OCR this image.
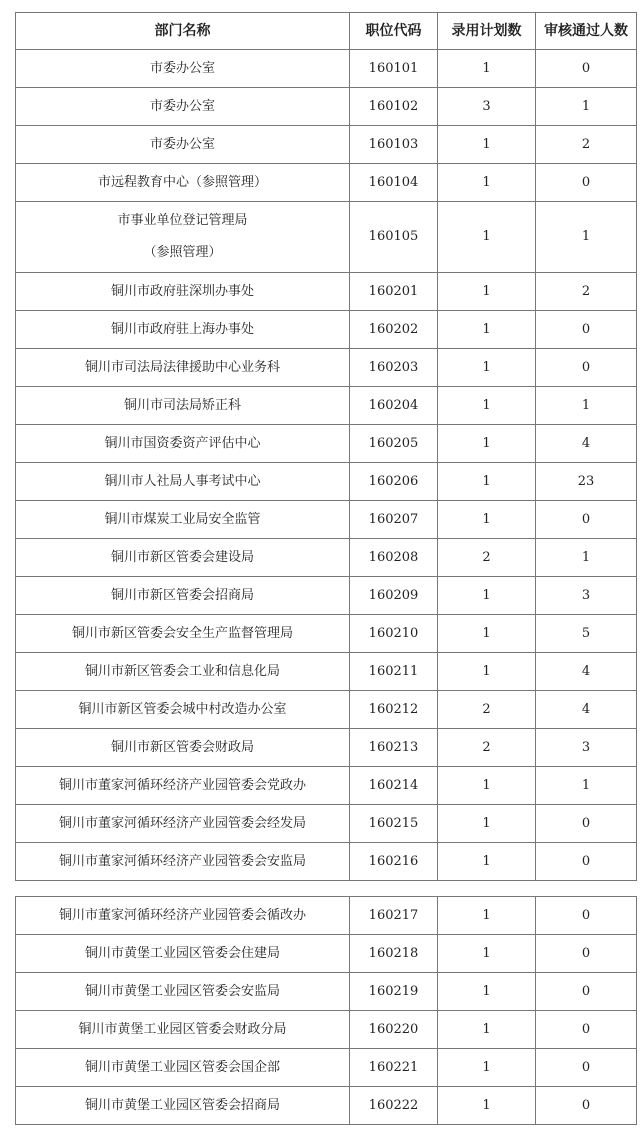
部门名称	职位代码	录用计划数	审核通过人数
市委办公室	160101	1	0
市委办公室	160102	3	1
市委办公室	160103	1	2
市远程教育中心（参照管理）	160104	1	0

市事业单位登记管理局
（参照管理）	160105	1	1
铜川市政府驻深圳办事处	160201	1	2
铜川市政府驻上海办事处	160202	1	0
铜川市司法局法律援助中心业务科	160203	1	0
铜川市司法局矫正科	160204	1	1
铜川市国资委资产评估中心	160205	1	4
铜川市人社局人事考试中心	160206	1	23
铜川市煤炭工业局安全监管	160207	1	0
铜川市新区管委会建设局	160208	2	1
铜川市新区管委会招商局	160209	1	3
铜川市新区管委会安全生产监督管理局	160210	1	5
铜川市新区管委会工业和信息化局	160211	1	4
铜川市新区管委会城中村改造办公室	160212	2	4
铜川市新区管委会财政局	160213	2	3
铜川市董家河循环经济产业园管委会党政办	160214	1	1
铜川市董家河循环经济产业园管委会经发局	160215	1	0
铜川市董家河循环经济产业园管委会安监局	160216	1	0
铜川市董家河循环经济产业园管委会循改办	160217	1	0
铜川市黄堡工业园区管委会住建局	160218	1	0
铜川市黄堡工业园区管委会安监局	160219	1	0
铜川市黄堡工业园区管委会财政分局	160220	1	0
铜川市黄堡工业园区管委会国企部	160221	1	0
铜川市黄堡工业园区管委会招商局	160222	1	0
